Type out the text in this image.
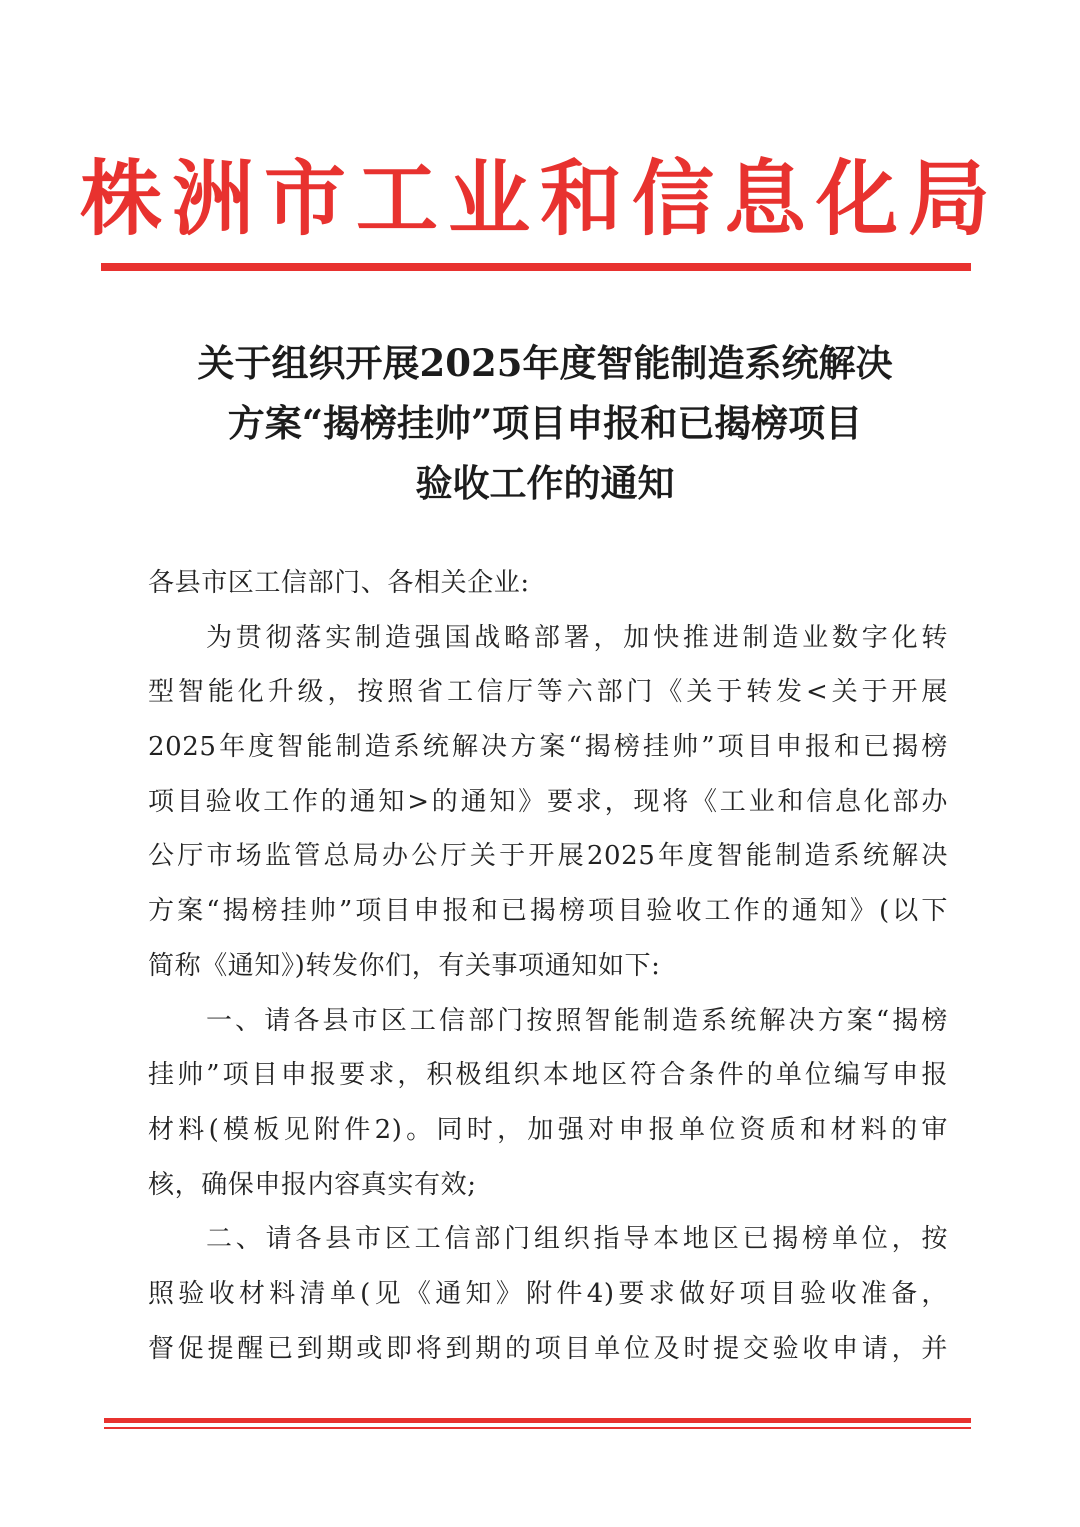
株洲市工业和信息化局
关于组织开展2025年度智能制造系统解决
方案“揭榜挂帅”项目申报和已揭榜项目
验收工作的通知
各县市区工信部门、各相关企业:
为贯彻落实制造强国战略部署，加快推进制造业数字化转
型智能化升级，按照省工信厅等六部门《关于转发<关于开展
2025年度智能制造系统解决方案“揭榜挂帅”项目申报和已揭榜
项目验收工作的通知>的通知》要求，现将《工业和信息化部办
公厅市场监管总局办公厅关于开展2025年度智能制造系统解决
方案“揭榜挂帅”项目申报和已揭榜项目验收工作的通知》(以下
简称《通知》)转发你们，有关事项通知如下:
一、请各县市区工信部门按照智能制造系统解决方案“揭榜
挂帅”项目申报要求，积极组织本地区符合条件的单位编写申报
材料(模板见附件2)。同时，加强对申报单位资质和材料的审
核，确保申报内容真实有效;
二、请各县市区工信部门组织指导本地区已揭榜单位，按
照验收材料清单(见《通知》附件4)要求做好项目验收准备，
督促提醒已到期或即将到期的项目单位及时提交验收申请，并
